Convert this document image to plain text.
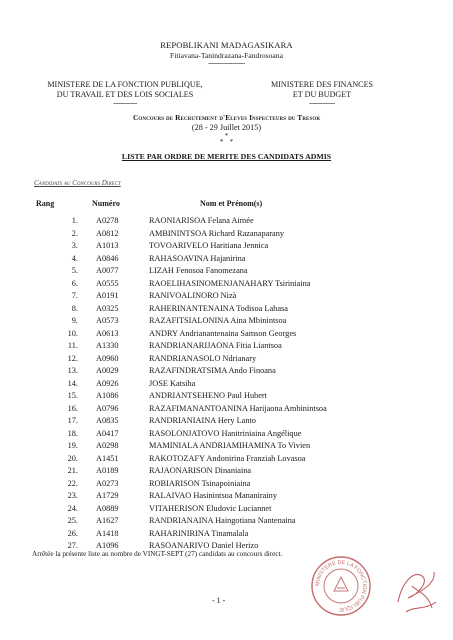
REPOBLIKANI MADAGASIKARA
Fitiavana-Tanindrazana-Fandrosoana
--------------------
MINISTERE DE LA FONCTION PUBLIQUE,
DU TRAVAIL ET DES LOIS SOCIALES
-------------
MINISTERE DES FINANCES
ET DU BUDGET
--------------
Concours de Recrutement d'Eleves Inspecteurs du Tresor
(28 - 29 Juillet 2015)
*
* *
LISTE PAR ORDRE DE MERITE DES CANDIDATS ADMIS
Candidats au Concours Direct
Rang	Numéro	Nom et Prénom(s)
1. A0278	RAONIARISOA Felana Aimée
2. A0812	AMBININTSOA Richard Razanaparany
3. A1013	TOVOARIVELO Haritiana Jennica
4. A0846	RAHASOAVINA Hajanirina
5. A0077	LIZAH Fenosoa Fanomezana
6. A0555	RAOELIHASINOMENJANAHARY Tsiriniaina
7. A0191	RANIVOALINORO Nizà
8. A0325	RAHERINANTENAINA Todisoa Lahasa
9. A0573	RAZAFITSIALONINA Aina Mbinintsoa
10. A0613	ANDRY Andrianantenaina Samson Georges
11. A1330	RANDRIANARIJAONA Fitia Liantsoa
12. A0960	RANDRIANASOLO Ndrianary
13. A0029	RAZAFINDRATSIMA Ando Finoana
14. A0926	JOSE Katsiha
15. A1086	ANDRIANTSEHENO Paul Hubert
16. A0796	RAZAFIMANANTOANINA Harijaona Ambinintsoa
17. A0835	RANDRIANIAINA Hery Lanto
18. A0417	RASOLONJATOVO Hanitriniaina Angélique
19. A0298	MAMINIALA ANDRIAMIHAMINA To Vivien
20. A1451	RAKOTOZAFY Andonirina Franziah Lovasoa
21. A0189	RAJAONARISON Dinaniaina
22. A0273	ROBIARISON Tsinapoiniaina
23. A1729	RALAIVAO Hasinintsoa Mananirainy
24. A0889	VITAHERISON Eludovic Luciannet
25. A1627	RANDRIANAINA Haingotiana Nantenaina
26. A1418	RAHARINIRINA Tinamalala
27. A1096	RASOANARIVO Daniel Herizo
Arrêtée la présente liste au nombre de VINGT-SEPT (27) candidats au concours direct.
MINISTERE DE LA FONCTION PUBLIQUE
- 1 -
